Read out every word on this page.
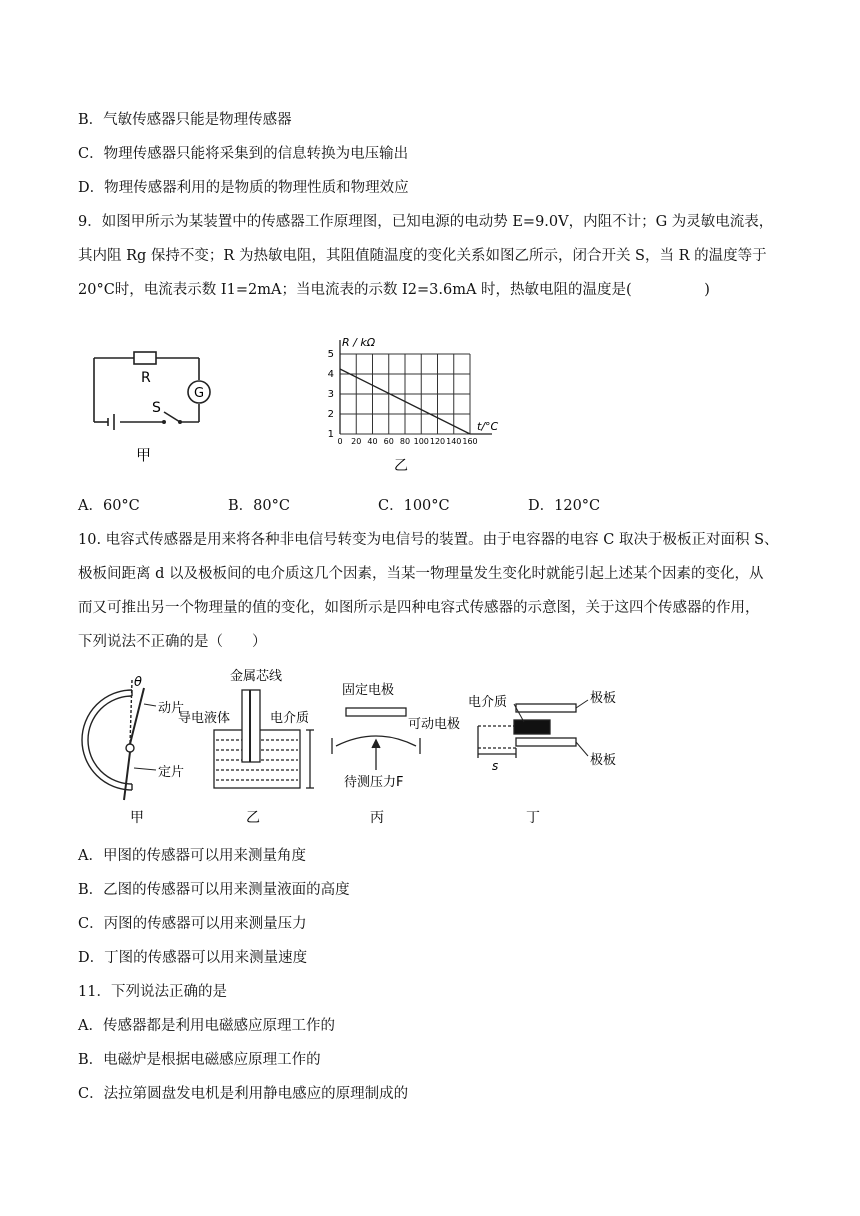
B．气敏传感器只能是物理传感器
C．物理传感器只能将采集到的信息转换为电压输出
D．物理传感器利用的是物质的物理性质和物理效应
9．如图甲所示为某装置中的传感器工作原理图，已知电源的电动势 E=9.0V，内阻不计；G 为灵敏电流表，
其内阻 Rg 保持不变；R 为热敏电阻，其阻值随温度的变化关系如图乙所示，闭合开关 S，当 R 的温度等于
20°C时，电流表示数 I1=2mA；当电流表的示数 I2=3.6mA 时，热敏电阻的温度是(　　　　　)
R
G
S
甲
0 20 40 60 80 100 120 140 160
1
2
3
4
5
R / kΩ
t/°C
乙
A．60°C	B．80°C	C．100°C	D．120°C
10. 电容式传感器是用来将各种非电信号转变为电信号的装置。由于电容器的电容 C 取决于极板正对面积 S、
极板间距离 d 以及极板间的电介质这几个因素，当某一物理量发生变化时就能引起上述某个因素的变化，从
而又可推出另一个物理量的值的变化，如图所示是四种电容式传感器的示意图，关于这四个传感器的作用，
下列说法不正确的是（　　）
θ
动片
定片
甲
金属芯线
导电液体	电介质
乙
固定电极
可动电极
待测压力F
丙
电介质	极板
极板
s
丁
A．甲图的传感器可以用来测量角度
B．乙图的传感器可以用来测量液面的高度
C．丙图的传感器可以用来测量压力
D．丁图的传感器可以用来测量速度
11．下列说法正确的是
A．传感器都是利用电磁感应原理工作的
B．电磁炉是根据电磁感应原理工作的
C．法拉第圆盘发电机是利用静电感应的原理制成的
